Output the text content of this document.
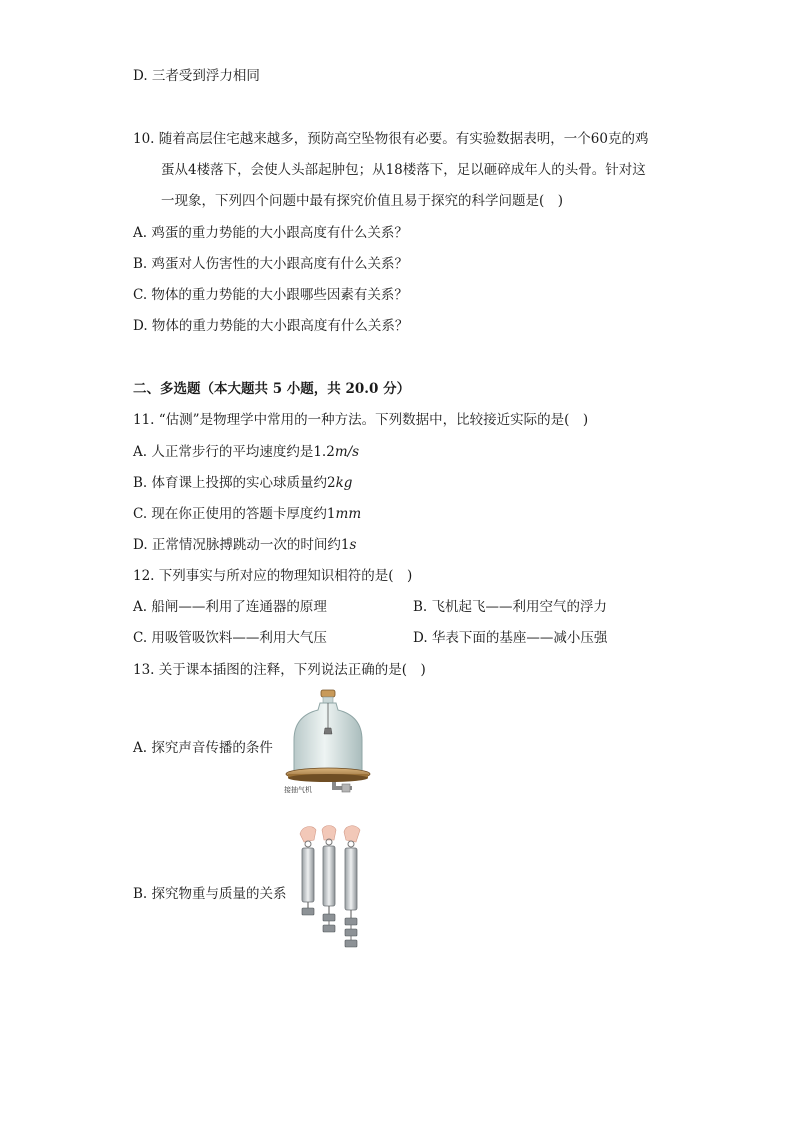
D. 三者受到浮力相同
10. 随着高层住宅越来越多，预防高空坠物很有必要。有实验数据表明，一个60克的鸡
蛋从4楼落下，会使人头部起肿包；从18楼落下，足以砸碎成年人的头骨。针对这
一现象，下列四个问题中最有探究价值且易于探究的科学问题是(　)
A. 鸡蛋的重力势能的大小跟高度有什么关系？
B. 鸡蛋对人伤害性的大小跟高度有什么关系？
C. 物体的重力势能的大小跟哪些因素有关系？
D. 物体的重力势能的大小跟高度有什么关系？
二、多选题（本大题共 5 小题，共 20.0 分）
11. “估测”是物理学中常用的一种方法。下列数据中，比较接近实际的是(　)
A. 人正常步行的平均速度约是1.2m/s
B. 体育课上投掷的实心球质量约2kg
C. 现在你正使用的答题卡厚度约1mm
D. 正常情况脉搏跳动一次的时间约1s
12. 下列事实与所对应的物理知识相符的是(　)
A. 船闸——利用了连通器的原理	B. 飞机起飞——利用空气的浮力
C. 用吸管吸饮料——利用大气压	D. 华表下面的基座——减小压强
13. 关于课本插图的注释，下列说法正确的是(　)
A. 探究声音传播的条件
B. 探究物重与质量的关系
接抽气机
